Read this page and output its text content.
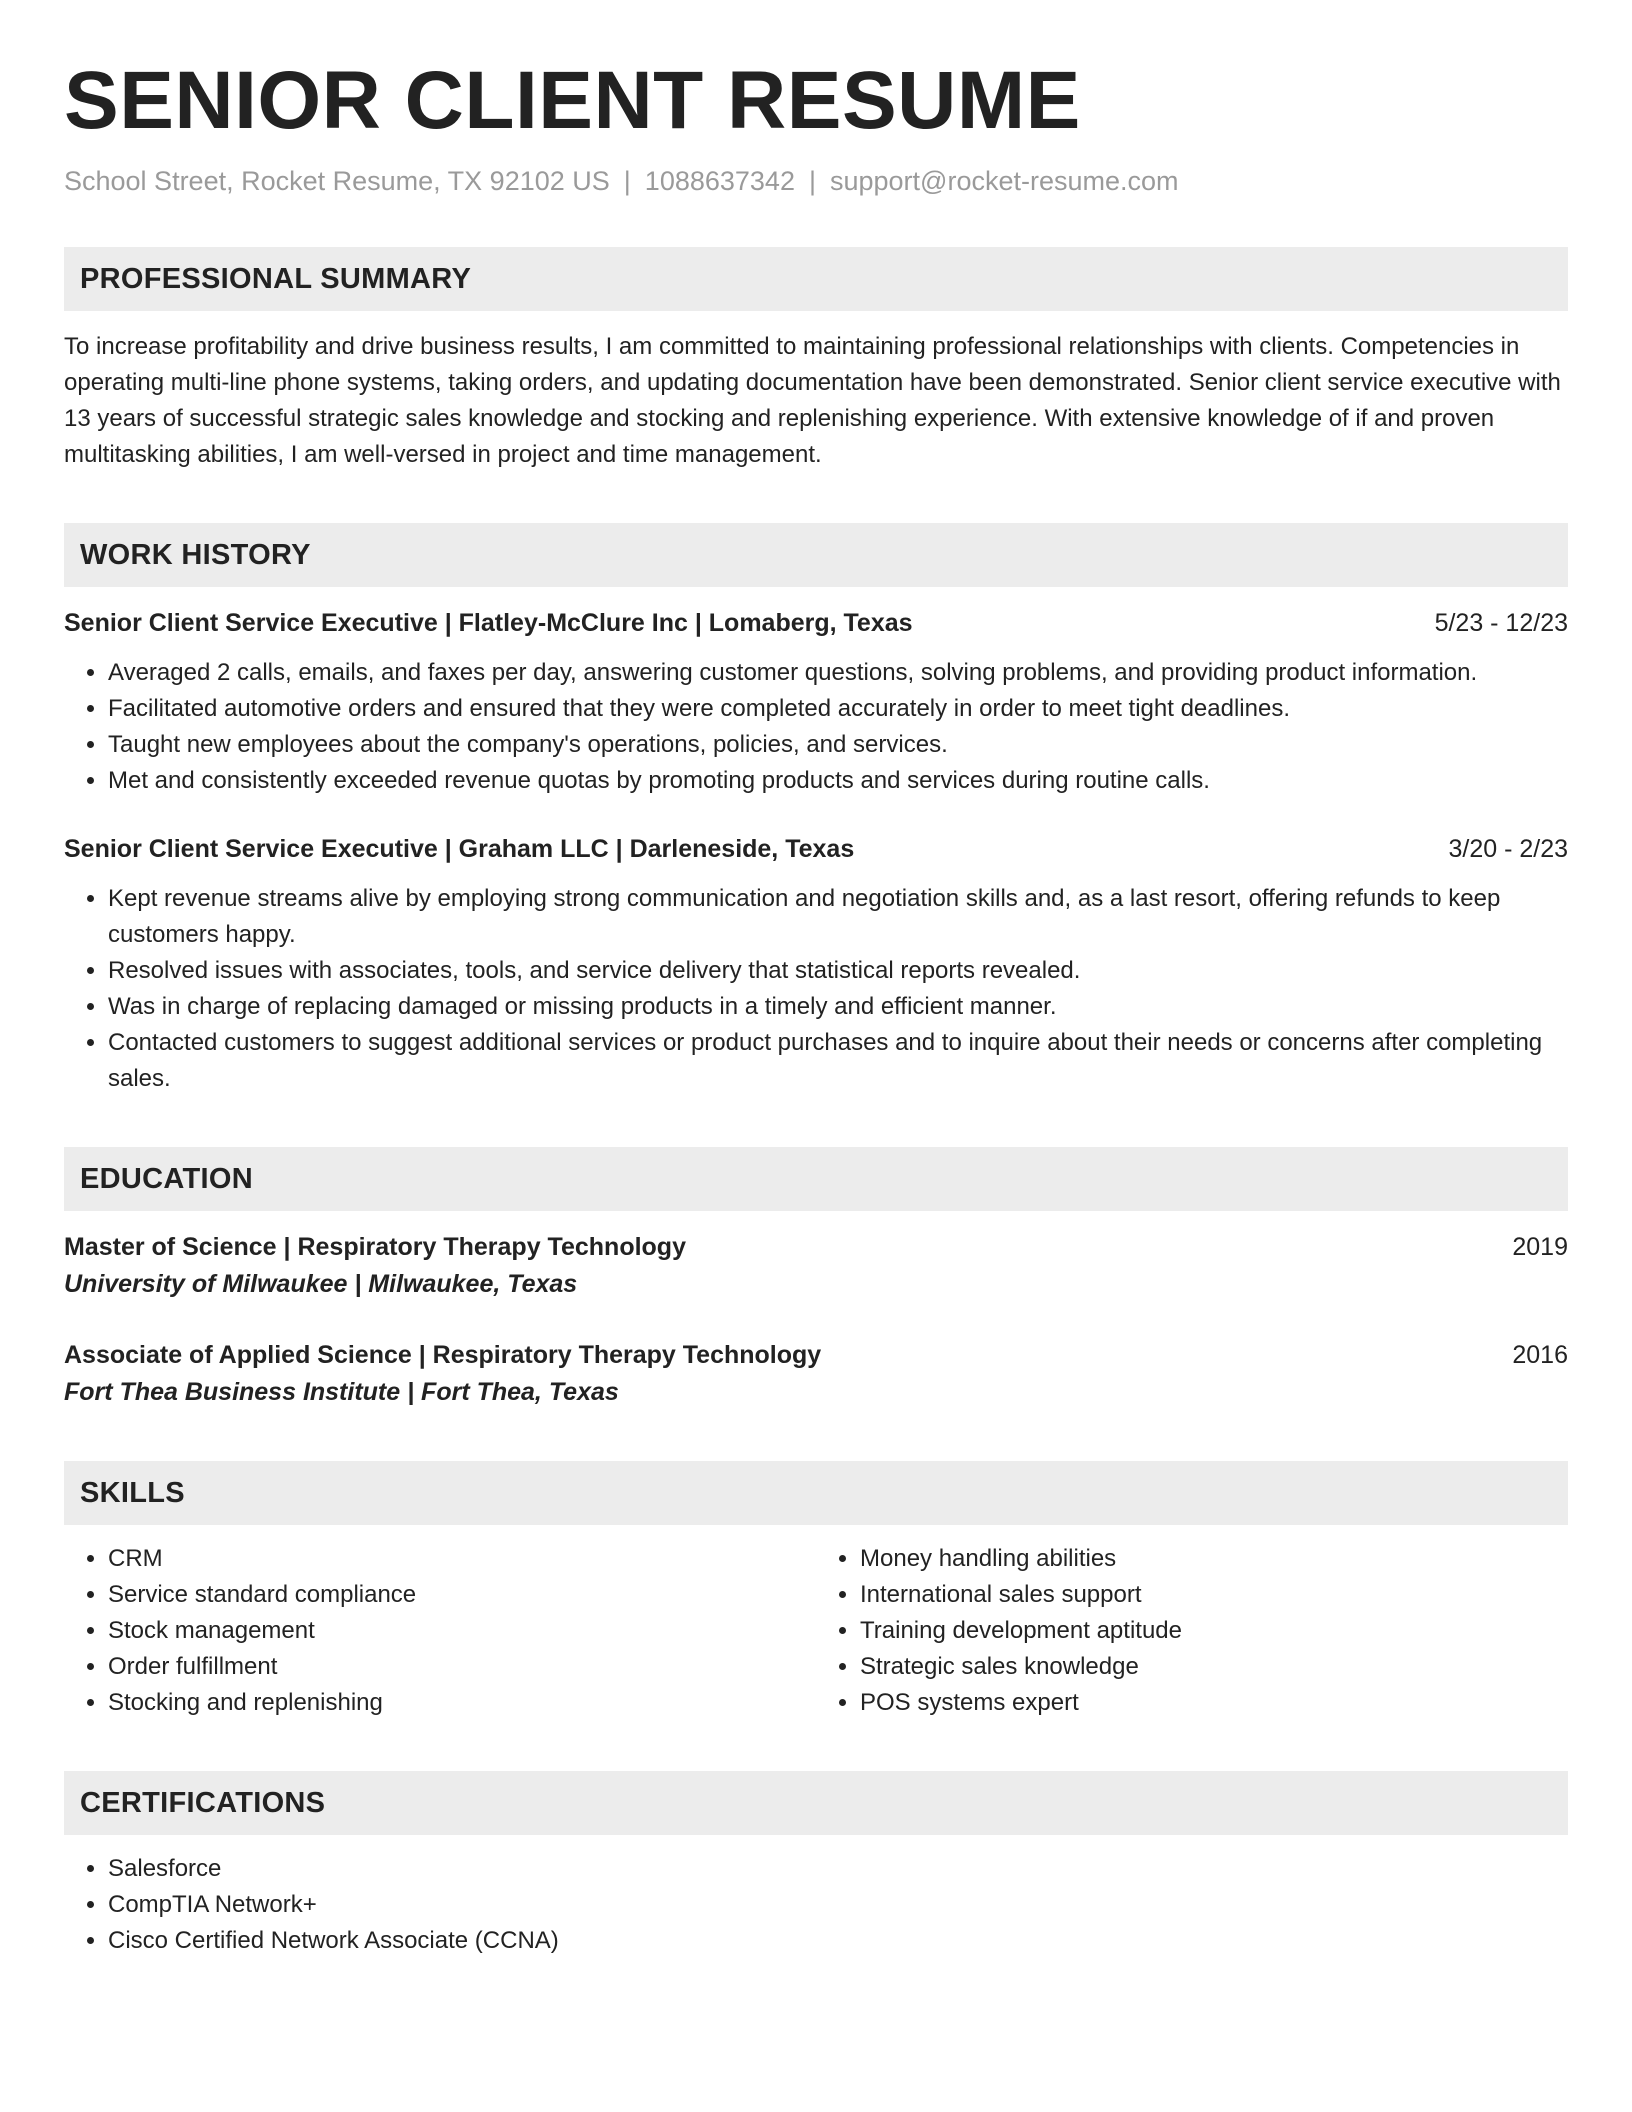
SENIOR CLIENT RESUME
School Street, Rocket Resume, TX 92102 US | 1088637342 | support@rocket-resume.com
PROFESSIONAL SUMMARY
To increase profitability and drive business results, I am committed to maintaining professional relationships with clients. Competencies in operating multi-line phone systems, taking orders, and updating documentation have been demonstrated. Senior client service executive with 13 years of successful strategic sales knowledge and stocking and replenishing experience. With extensive knowledge of if and proven multitasking abilities, I am well-versed in project and time management.
WORK HISTORY
Senior Client Service Executive | Flatley-McClure Inc | Lomaberg, Texas	5/23 - 12/23
• Averaged 2 calls, emails, and faxes per day, answering customer questions, solving problems, and providing product information.
• Facilitated automotive orders and ensured that they were completed accurately in order to meet tight deadlines.
• Taught new employees about the company's operations, policies, and services.
• Met and consistently exceeded revenue quotas by promoting products and services during routine calls.
Senior Client Service Executive | Graham LLC | Darleneside, Texas	3/20 - 2/23
• Kept revenue streams alive by employing strong communication and negotiation skills and, as a last resort, offering refunds to keep customers happy.
• Resolved issues with associates, tools, and service delivery that statistical reports revealed.
• Was in charge of replacing damaged or missing products in a timely and efficient manner.
• Contacted customers to suggest additional services or product purchases and to inquire about their needs or concerns after completing sales.
EDUCATION
Master of Science | Respiratory Therapy Technology	2019
University of Milwaukee | Milwaukee, Texas
Associate of Applied Science | Respiratory Therapy Technology	2016
Fort Thea Business Institute | Fort Thea, Texas
SKILLS
• CRM
• Service standard compliance
• Stock management
• Order fulfillment
• Stocking and replenishing
• Money handling abilities
• International sales support
• Training development aptitude
• Strategic sales knowledge
• POS systems expert
CERTIFICATIONS
• Salesforce
• CompTIA Network+
• Cisco Certified Network Associate (CCNA)
